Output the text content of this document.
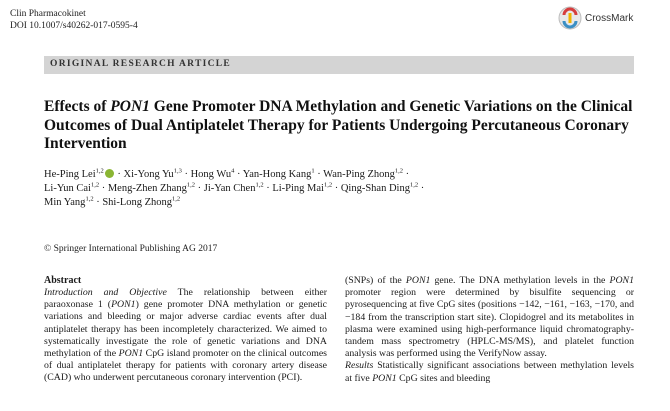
Clin Pharmacokinet
DOI 10.1007/s40262-017-0595-4
CrossMark
ORIGINAL RESEARCH ARTICLE
Effects of PON1 Gene Promoter DNA Methylation and Genetic Variations on the Clinical Outcomes of Dual Antiplatelet Therapy for Patients Undergoing Percutaneous Coronary Intervention
He-Ping Lei$^{1,2}$ · Xi-Yong Yu$^{1,3}$ · Hong $Wu^4$ · Yan-Hong Kang$^1$ · Wan-Ping Zhong$^{1,2}$ ·
Li-Yun Cai$^{1,2}$ · Meng-Zhen Zhang$^{1,2}$ · Ji-Yan Chen$^{1,2}$ · Li-Ping Mai$^{1,2}$ · Qing-Shan Ding$^{1,2}$ ·
Min Yang$^{1,2}$ · Shi-Long Zhong$^{1,2}$
© Springer International Publishing AG 2017
Abstract
Introduction and Objective The relationship between either paraoxonase 1 (PON1) gene promoter DNA methylation or genetic variations and bleeding or major adverse cardiac events after dual antiplatelet therapy has been incompletely characterized. We aimed to systematically investigate the role of genetic variations and DNA methylation of the PON1 CpG island promoter on the clinical outcomes of dual antiplatelet therapy for patients with coronary artery disease (CAD) who underwent percutaneous coronary intervention (PCI).
(SNPs) of the PON1 gene. The DNA methylation levels in the PON1 promoter region were determined by bisulfite sequencing or pyrosequencing at five CpG sites (positions −142, −161, −163, −170, and −184 from the transcription start site). Clopidogrel and its metabolites in plasma were examined using high-performance liquid chromatography-tandem mass spectrometry (HPLC-MS/MS), and platelet function analysis was performed using the VerifyNow assay.
Results Statistically significant associations between methylation levels at five PON1 CpG sites and bleeding
